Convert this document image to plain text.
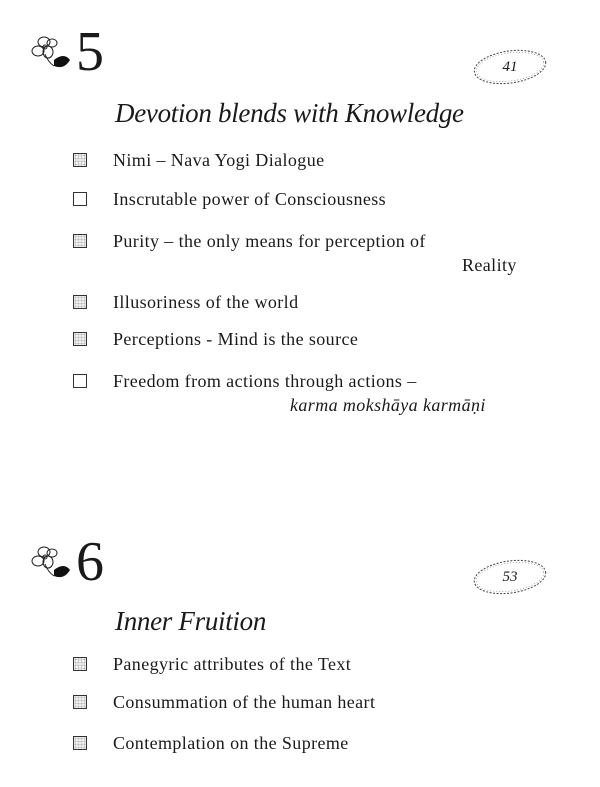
5	41
Devotion blends with Knowledge
Nimi – Nava Yogi Dialogue
Inscrutable power of Consciousness
Purity – the only means for perception of
Reality
Illusoriness of the world
Perceptions - Mind is the source
Freedom from actions through actions –
karma mokshāya karmāṇi
6	53
Inner Fruition
Panegyric attributes of the Text
Consummation of the human heart
Contemplation on the Supreme
